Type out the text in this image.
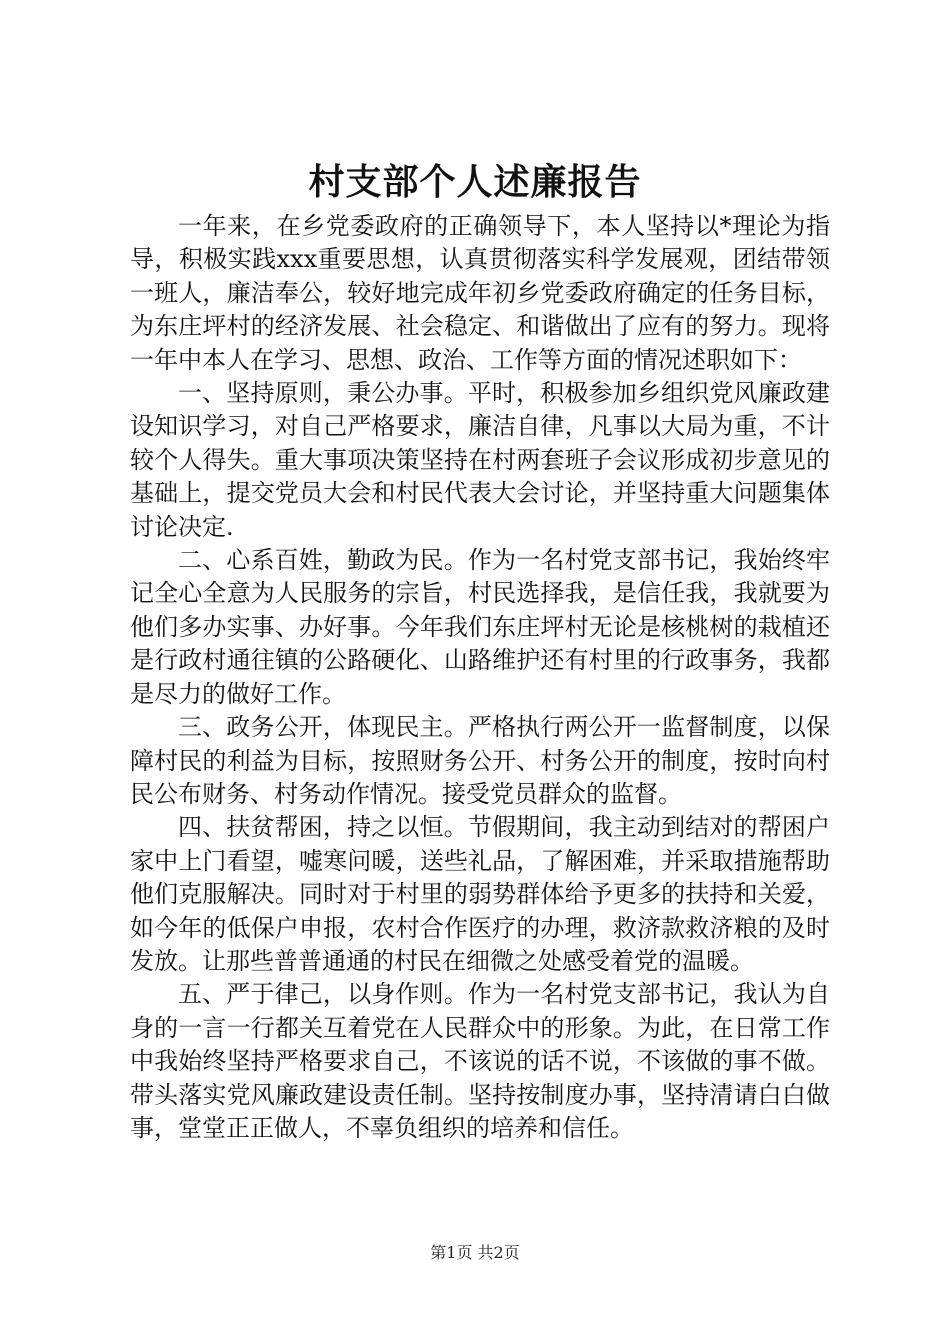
村支部个人述廉报告

一年来，在乡党委政府的正确领导下，本人坚持以*理论为指导，积极实践xxx重要思想，认真贯彻落实科学发展观，团结带领一班人，廉洁奉公，较好地完成年初乡党委政府确定的任务目标，为东庄坪村的经济发展、社会稳定、和谐做出了应有的努力。现将一年中本人在学习、思想、政治、工作等方面的情况述职如下：

一、坚持原则，秉公办事。平时，积极参加乡组织党风廉政建设知识学习，对自己严格要求，廉洁自律，凡事以大局为重，不计较个人得失。重大事项决策坚持在村两套班子会议形成初步意见的基础上，提交党员大会和村民代表大会讨论，并坚持重大问题集体讨论决定.

二、心系百姓，勤政为民。作为一名村党支部书记，我始终牢记全心全意为人民服务的宗旨，村民选择我，是信任我，我就要为他们多办实事、办好事。今年我们东庄坪村无论是核桃树的栽植还是行政村通往镇的公路硬化、山路维护还有村里的行政事务，我都是尽力的做好工作。

三、政务公开，体现民主。严格执行两公开一监督制度，以保障村民的利益为目标，按照财务公开、村务公开的制度，按时向村民公布财务、村务动作情况。接受党员群众的监督。

四、扶贫帮困，持之以恒。节假期间，我主动到结对的帮困户家中上门看望，嘘寒问暖，送些礼品，了解困难，并采取措施帮助他们克服解决。同时对于村里的弱势群体给予更多的扶持和关爱，如今年的低保户申报，农村合作医疗的办理，救济款救济粮的及时发放。让那些普普通通的村民在细微之处感受着党的温暖。

五、严于律己，以身作则。作为一名村党支部书记，我认为自身的一言一行都关互着党在人民群众中的形象。为此，在日常工作中我始终坚持严格要求自己，不该说的话不说，不该做的事不做。带头落实党风廉政建设责任制。坚持按制度办事，坚持清请白白做事，堂堂正正做人，不辜负组织的培养和信任。

第1页 共2页
